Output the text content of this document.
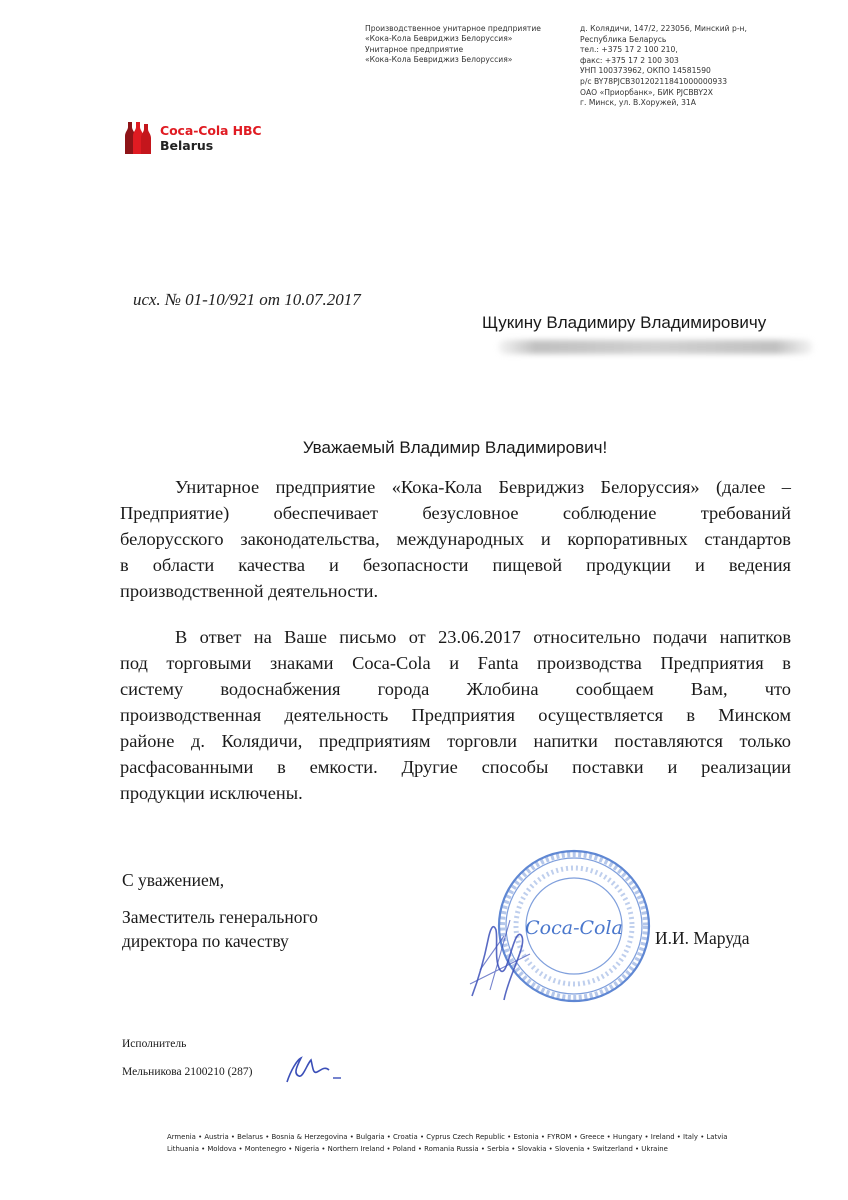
Производственное унитарное предприятие
«Кока-Кола Бевриджиз Белоруссия»
Унитарное предприятие
«Кока-Кола Бевриджиз Белоруссия»
д. Колядичи, 147/2, 223056, Минский р-н,
Республика Беларусь
тел.: +375 17 2 100 210,
факс: +375 17 2 100 303
УНП 100373962, ОКПО 14581590
р/с BY78PJCB30120211841000000933
ОАО «Приорбанк», БИК PJCBBY2X
г. Минск, ул. В.Хоружей, 31А
Coca-Cola HBC
Belarus
исх. № 01-10/921 от 10.07.2017
Щукину Владимиру Владимировичу
Уважаемый Владимир Владимирович!
Унитарное предприятие «Кока-Кола Бевриджиз Белоруссия» (далее –
Предприятие) обеспечивает безусловное соблюдение требований
белорусского законодательства, международных и корпоративных стандартов
в области качества и безопасности пищевой продукции и ведения
производственной деятельности.
В ответ на Ваше письмо от 23.06.2017 относительно подачи напитков
под торговыми знаками Coca-Cola и Fanta производства Предприятия в
систему водоснабжения города Жлобина сообщаем Вам, что
производственная деятельность Предприятия осуществляется в Минском
районе д. Колядичи, предприятиям торговли напитки поставляются только
расфасованными в емкости. Другие способы поставки и реализации
продукции исключены.
С уважением,
Заместитель генерального
директора по качеству
Coca-Cola И.И. Маруда
Исполнитель
Мельникова 2100210 (287)
Armenia • Austria • Belarus • Bosnia & Herzegovina • Bulgaria • Croatia • Cyprus Czech Republic • Estonia • FYROM • Greece • Hungary • Ireland • Italy • Latvia
Lithuania • Moldova • Montenegro • Nigeria • Northern Ireland • Poland • Romania Russia • Serbia • Slovakia • Slovenia • Switzerland • Ukraine
